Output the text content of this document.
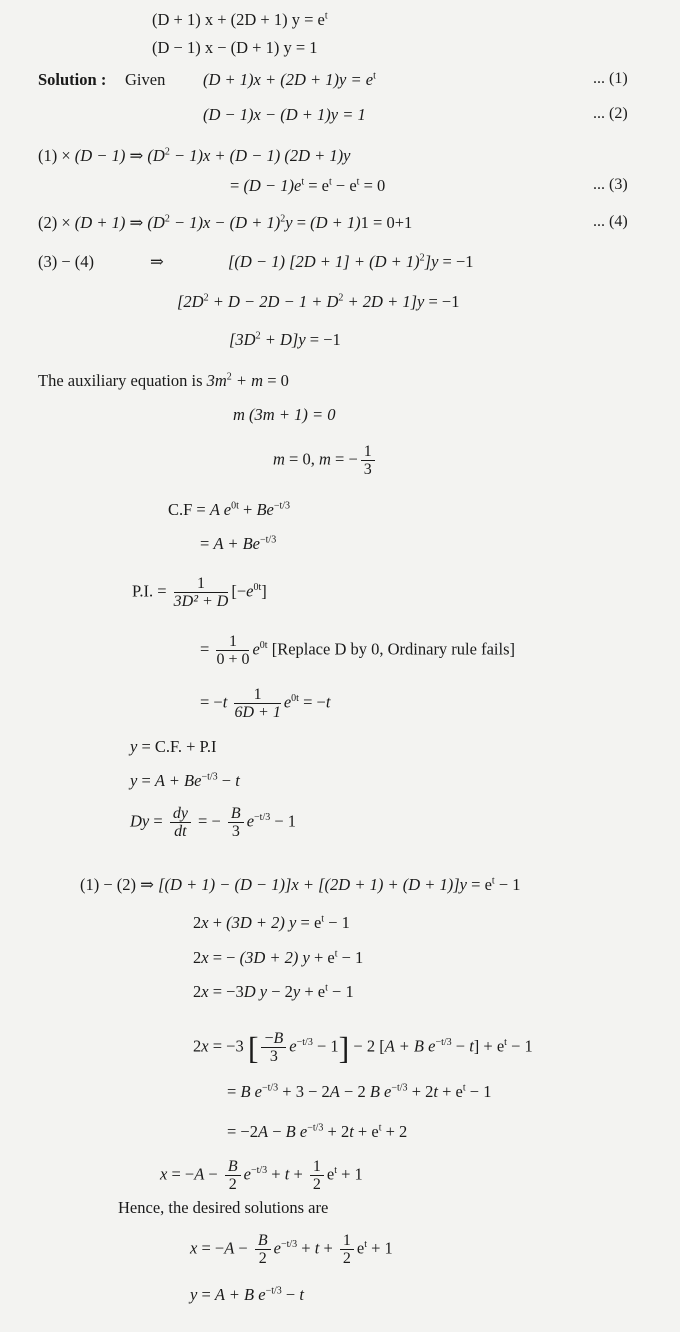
(D + 1) x + (2D + 1) $y = e^t$
(D − 1) x − (D + 1) y = 1
Solution : Given $(D + 1)x + (2D + 1)y = e^t$	... (1)
(D − 1)x − (D + 1)y = 1	... (2)
(1) × (D − 1) ⇒ $(D^2 - 1)x + (D - 1) (2D + 1)y$
= $(D - 1)e^t = e^t - e^t = 0$	... (3)
(2) × (D + 1) ⇒ $(D^2 - 1)x - (D + 1)^2y = (D + 1)1 = 0+1$	... (4)
(3) − (4)	⇒	[(D − 1) $[2D + 1] + (D + 1)^2]y = -1$
$[2D^2 + D - 2D - 1 + D^2 + 2D + 1]y = -1$
$[3D^2 + D]y = -1$
The auxiliary equation is $3m^2 + m = 0$
m (3m + 1) = 0
m = 0, m = − $\frac{1}{3}$
C.F = A $e^{0t} + Be^{-t/3}$
= $A + Be^{-t/3}$
P.I. = $\frac{1}{\text{3D² + D}} [-e^{0t}]$
= $\frac{1}{0 + 0} e^{0t}$ [Replace D by 0, Ordinary rule fails]
= $-t \frac{1}{6D + 1} e^{0t} = -t$
y = C.F. + P.I
$y = A + Be^{-t/3} - t$
$Dy = \frac{dy}{dt}$ = − $\frac{B}{3} e^{-t/3} - 1$
(1) − (2) ⇒ $[(D + 1) - (D - 1)]x + [(2D + 1) + (D + 1)]y = e^t - 1$
2x + (3D + 2) $y = e^t - 1$
2x = − (3D + 2) $y + e^t - 1$
2x = −3D $y - 2y + e^t - 1$
2x = −3 [ $\frac{-B}{3} e^{-t/3} - 1] - 2$ [A + B $e^{-t/3} - t] + e^t - 1$
= B $e^{-t/3} + 3 - 2A - 2$ B $e^{-t/3} + 2t + e^t - 1$
= −2A − B $e^{-t/3} + 2t + e^t + 2$
$x = -A - \frac{B}{2} e^{-t/3} + t + \frac{1}{2} e^t + 1$
Hence, the desired solutions are
$x = -A - \frac{B}{2} e^{-t/3} + t + \frac{1}{2} e^t + 1$
y = A + B $e^{-t/3} - t$
